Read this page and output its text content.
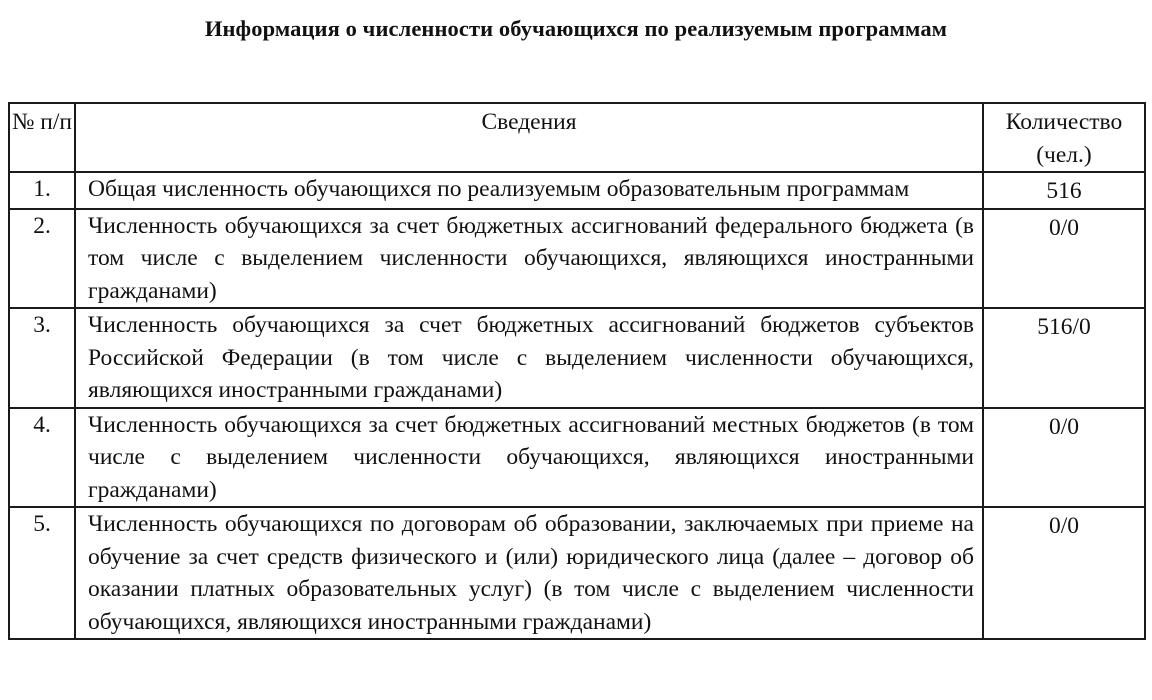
Информация о численности обучающихся по реализуемым программам
№ п/п	Сведения	Количество (чел.)
1.	Общая численность обучающихся по реализуемым образовательным программам	516
2.	Численность обучающихся за счет бюджетных ассигнований федерального бюджета (в том числе с выделением численности обучающихся, являющихся иностранными гражданами)	0/0
3.	Численность обучающихся за счет бюджетных ассигнований бюджетов субъектов Российской Федерации (в том числе с выделением численности обучающихся, являющихся иностранными гражданами)	516/0
4.	Численность обучающихся за счет бюджетных ассигнований местных бюджетов (в том числе с выделением численности обучающихся, являющихся иностранными гражданами)	0/0
5.	Численность обучающихся по договорам об образовании, заключаемых при приеме на обучение за счет средств физического и (или) юридического лица (далее – договор об оказании платных образовательных услуг) (в том числе с выделением численности обучающихся, являющихся иностранными гражданами)	0/0
